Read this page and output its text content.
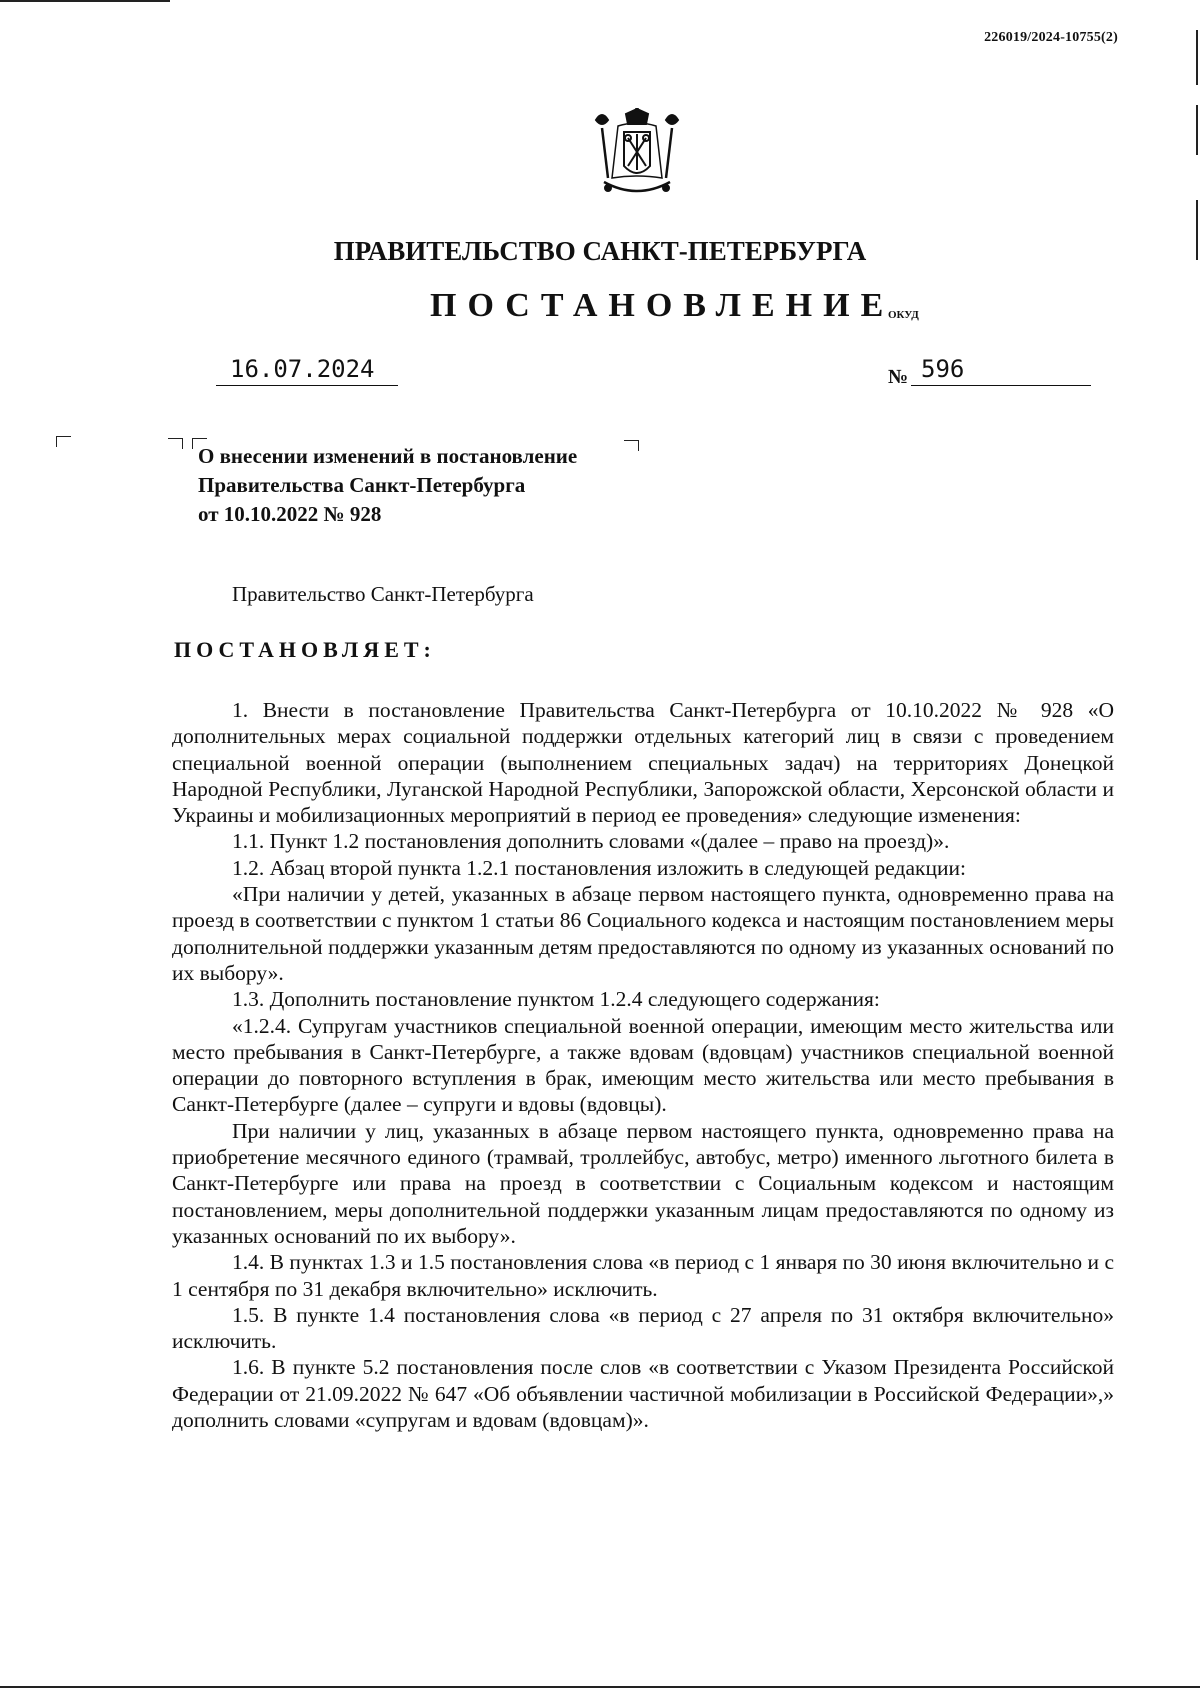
226019/2024-10755(2)
ПРАВИТЕЛЬСТВО САНКТ-ПЕТЕРБУРГА
ПОСТАНОВЛЕНИЕ
ОКУД
16.07.2024	№ 596
О внесении изменений в постановление
Правительства Санкт-Петербурга
от 10.10.2022 № 928
Правительство Санкт-Петербурга
ПОСТАНОВЛЯЕТ:

1. Внести в постановление Правительства Санкт-Петербурга от 10.10.2022 № 928 «О дополнительных мерах социальной поддержки отдельных категорий лиц в связи с проведением специальной военной операции (выполнением специальных задач) на территориях Донецкой Народной Республики, Луганской Народной Республики, Запорожской области, Херсонской области и Украины и мобилизационных мероприятий в период ее проведения» следующие изменения:

1.1. Пункт 1.2 постановления дополнить словами «(далее – право на проезд)».

1.2. Абзац второй пункта 1.2.1 постановления изложить в следующей редакции:

«При наличии у детей, указанных в абзаце первом настоящего пункта, одновременно права на проезд в соответствии с пунктом 1 статьи 86 Социального кодекса и настоящим постановлением меры дополнительной поддержки указанным детям предоставляются по одному из указанных оснований по их выбору».

1.3. Дополнить постановление пунктом 1.2.4 следующего содержания:

«1.2.4. Супругам участников специальной военной операции, имеющим место жительства или место пребывания в Санкт-Петербурге, а также вдовам (вдовцам) участников специальной военной операции до повторного вступления в брак, имеющим место жительства или место пребывания в Санкт-Петербурге (далее – супруги и вдовы (вдовцы).

При наличии у лиц, указанных в абзаце первом настоящего пункта, одновременно права на приобретение месячного единого (трамвай, троллейбус, автобус, метро) именного льготного билета в Санкт-Петербурге или права на проезд в соответствии с Социальным кодексом и настоящим постановлением, меры дополнительной поддержки указанным лицам предоставляются по одному из указанных оснований по их выбору».

1.4. В пунктах 1.3 и 1.5 постановления слова «в период с 1 января по 30 июня включительно и с 1 сентября по 31 декабря включительно» исключить.

1.5. В пункте 1.4 постановления слова «в период с 27 апреля по 31 октября включительно» исключить.

1.6. В пункте 5.2 постановления после слов «в соответствии с Указом Президента Российской Федерации от 21.09.2022 № 647 «Об объявлении частичной мобилизации в Российской Федерации»,» дополнить словами «супругам и вдовам (вдовцам)».
